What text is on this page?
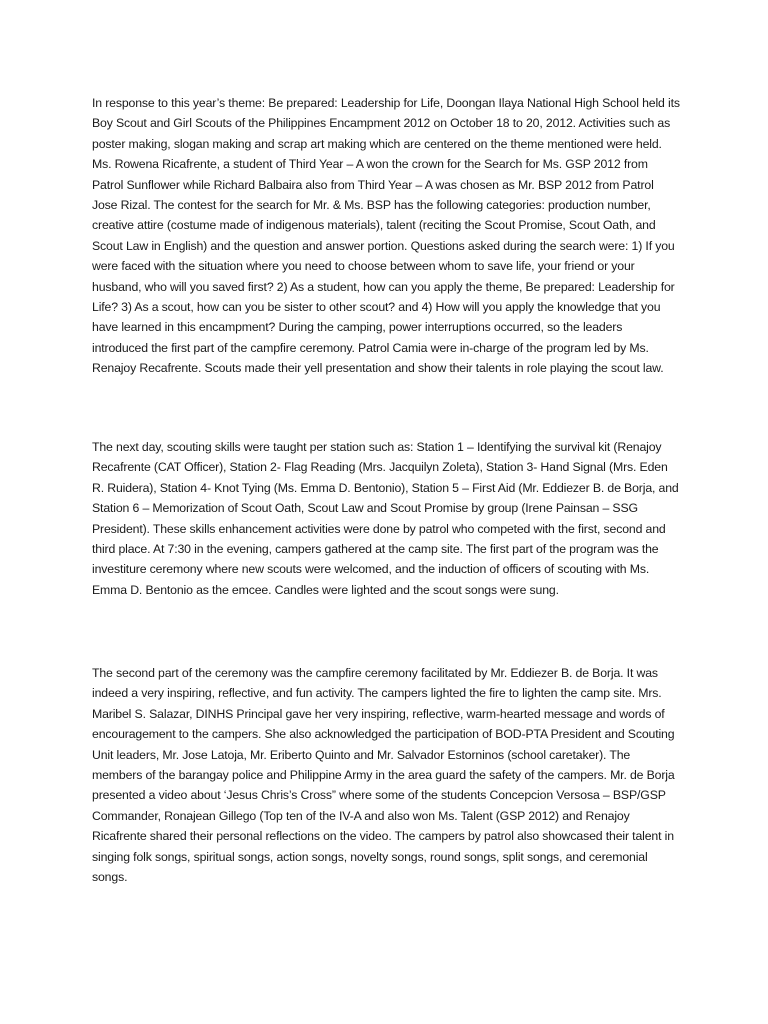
In response to this year’s theme: Be prepared: Leadership for Life, Doongan Ilaya National High School held its Boy Scout and Girl Scouts of the Philippines Encampment 2012 on October 18 to 20, 2012. Activities such as poster making, slogan making and scrap art making which are centered on the theme mentioned were held. Ms. Rowena Ricafrente, a student of Third Year – A won the crown for the Search for Ms. GSP 2012 from Patrol Sunflower while Richard Balbaira also from Third Year – A was chosen as Mr. BSP 2012 from Patrol Jose Rizal. The contest for the search for Mr. & Ms. BSP has the following categories: production number, creative attire (costume made of indigenous materials), talent (reciting the Scout Promise, Scout Oath, and Scout Law in English) and the question and answer portion. Questions asked during the search were: 1) If you were faced with the situation where you need to choose between whom to save life, your friend or your husband, who will you saved first? 2) As a student, how can you apply the theme, Be prepared: Leadership for Life? 3) As a scout, how can you be sister to other scout? and 4) How will you apply the knowledge that you have learned in this encampment? During the camping, power interruptions occurred, so the leaders introduced the first part of the campfire ceremony. Patrol Camia were in-charge of the program led by Ms. Renajoy Recafrente. Scouts made their yell presentation and show their talents in role playing the scout law.

The next day, scouting skills were taught per station such as: Station 1 – Identifying the survival kit (Renajoy Recafrente (CAT Officer), Station 2- Flag Reading (Mrs. Jacquilyn Zoleta), Station 3- Hand Signal (Mrs. Eden R. Ruidera), Station 4- Knot Tying (Ms. Emma D. Bentonio), Station 5 – First Aid (Mr. Eddiezer B. de Borja, and Station 6 – Memorization of Scout Oath, Scout Law and Scout Promise by group (Irene Painsan – SSG President). These skills enhancement activities were done by patrol who competed with the first, second and third place. At 7:30 in the evening, campers gathered at the camp site. The first part of the program was the investiture ceremony where new scouts were welcomed, and the induction of officers of scouting with Ms. Emma D. Bentonio as the emcee. Candles were lighted and the scout songs were sung.

The second part of the ceremony was the campfire ceremony facilitated by Mr. Eddiezer B. de Borja. It was indeed a very inspiring, reflective, and fun activity. The campers lighted the fire to lighten the camp site. Mrs. Maribel S. Salazar, DINHS Principal gave her very inspiring, reflective, warm-hearted message and words of encouragement to the campers. She also acknowledged the participation of BOD-PTA President and Scouting Unit leaders, Mr. Jose Latoja, Mr. Eriberto Quinto and Mr. Salvador Estorninos (school caretaker). The members of the barangay police and Philippine Army in the area guard the safety of the campers. Mr. de Borja presented a video about ‘Jesus Chris’s Cross” where some of the students Concepcion Versosa – BSP/GSP Commander, Ronajean Gillego (Top ten of the IV-A and also won Ms. Talent (GSP 2012) and Renajoy Ricafrente shared their personal reflections on the video. The campers by patrol also showcased their talent in singing folk songs, spiritual songs, action songs, novelty songs, round songs, split songs, and ceremonial songs.
